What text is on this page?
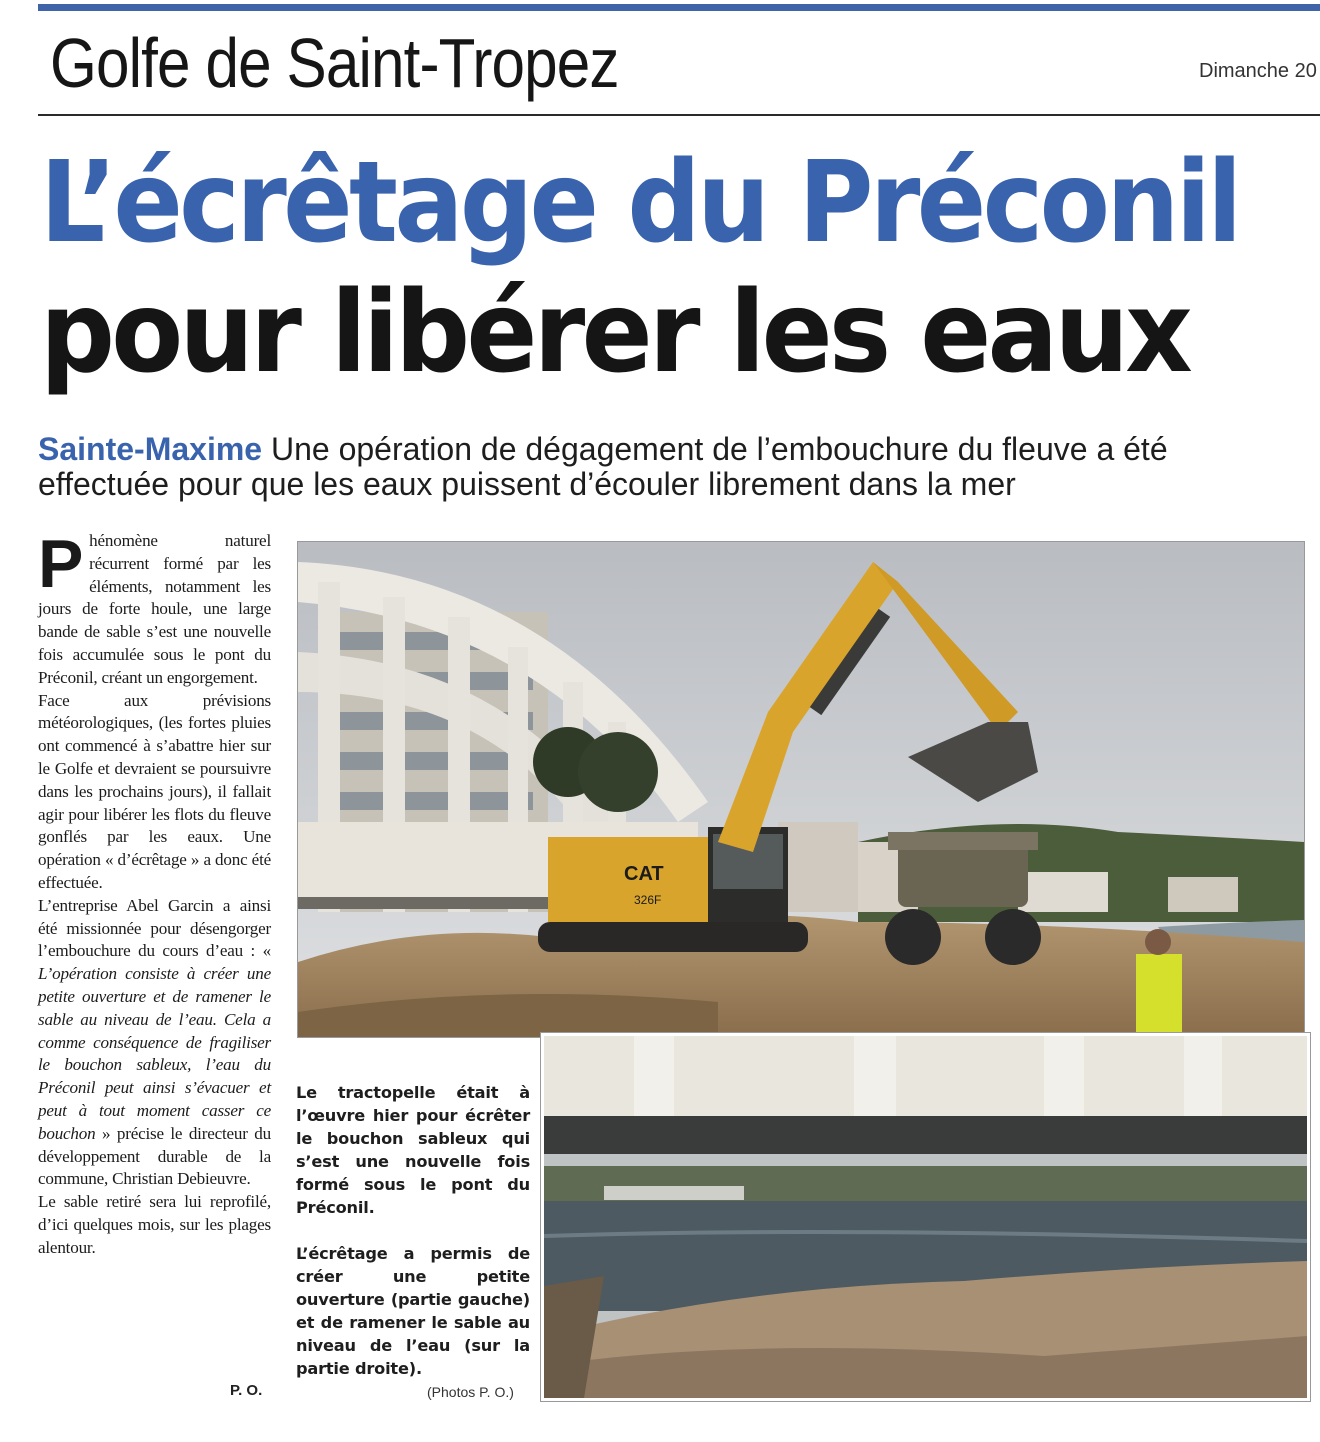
Golfe de Saint-Tropez	Dimanche 20
L’écrêtage du Préconil
pour libérer les eaux

Sainte-Maxime Une opération de dégagement de l’embouchure du fleuve a été effectuée pour que les eaux puissent d’écouler librement dans la mer

Phénomène naturel récurrent formé par les éléments, notamment les jours de forte houle, une large bande de sable s’est une nouvelle fois accumulée sous le pont du Préconil, créant un engorgement.

Face aux prévisions météorologiques, (les fortes pluies ont commencé à s’abattre hier sur le Golfe et devraient se poursuivre dans les prochains jours), il fallait agir pour libérer les flots du fleuve gonflés par les eaux. Une opération « d’écrêtage » a donc été effectuée.

L’entreprise Abel Garcin a ainsi été missionnée pour désengorger l’embouchure du cours d’eau : « L’opération consiste à créer une petite ouverture et de ramener le sable au niveau de l’eau. Cela a comme conséquence de fragiliser le bouchon sableux, l’eau du Préconil peut ainsi s’évacuer et peut à tout moment casser ce bouchon » précise le directeur du développement durable de la commune, Christian Debieuvre.

Le sable retiré sera lui reprofilé, d’ici quelques mois, sur les plages alentour.

P. O.
CAT
326F

Le tractopelle était à l’œuvre hier pour écrêter le bouchon sableux qui s’est une nouvelle fois formé sous le pont du Préconil.

L’écrêtage a permis de créer une petite ouverture (partie gauche) et de ramener le sable au niveau de l’eau (sur la partie droite).

(Photos P. O.)
